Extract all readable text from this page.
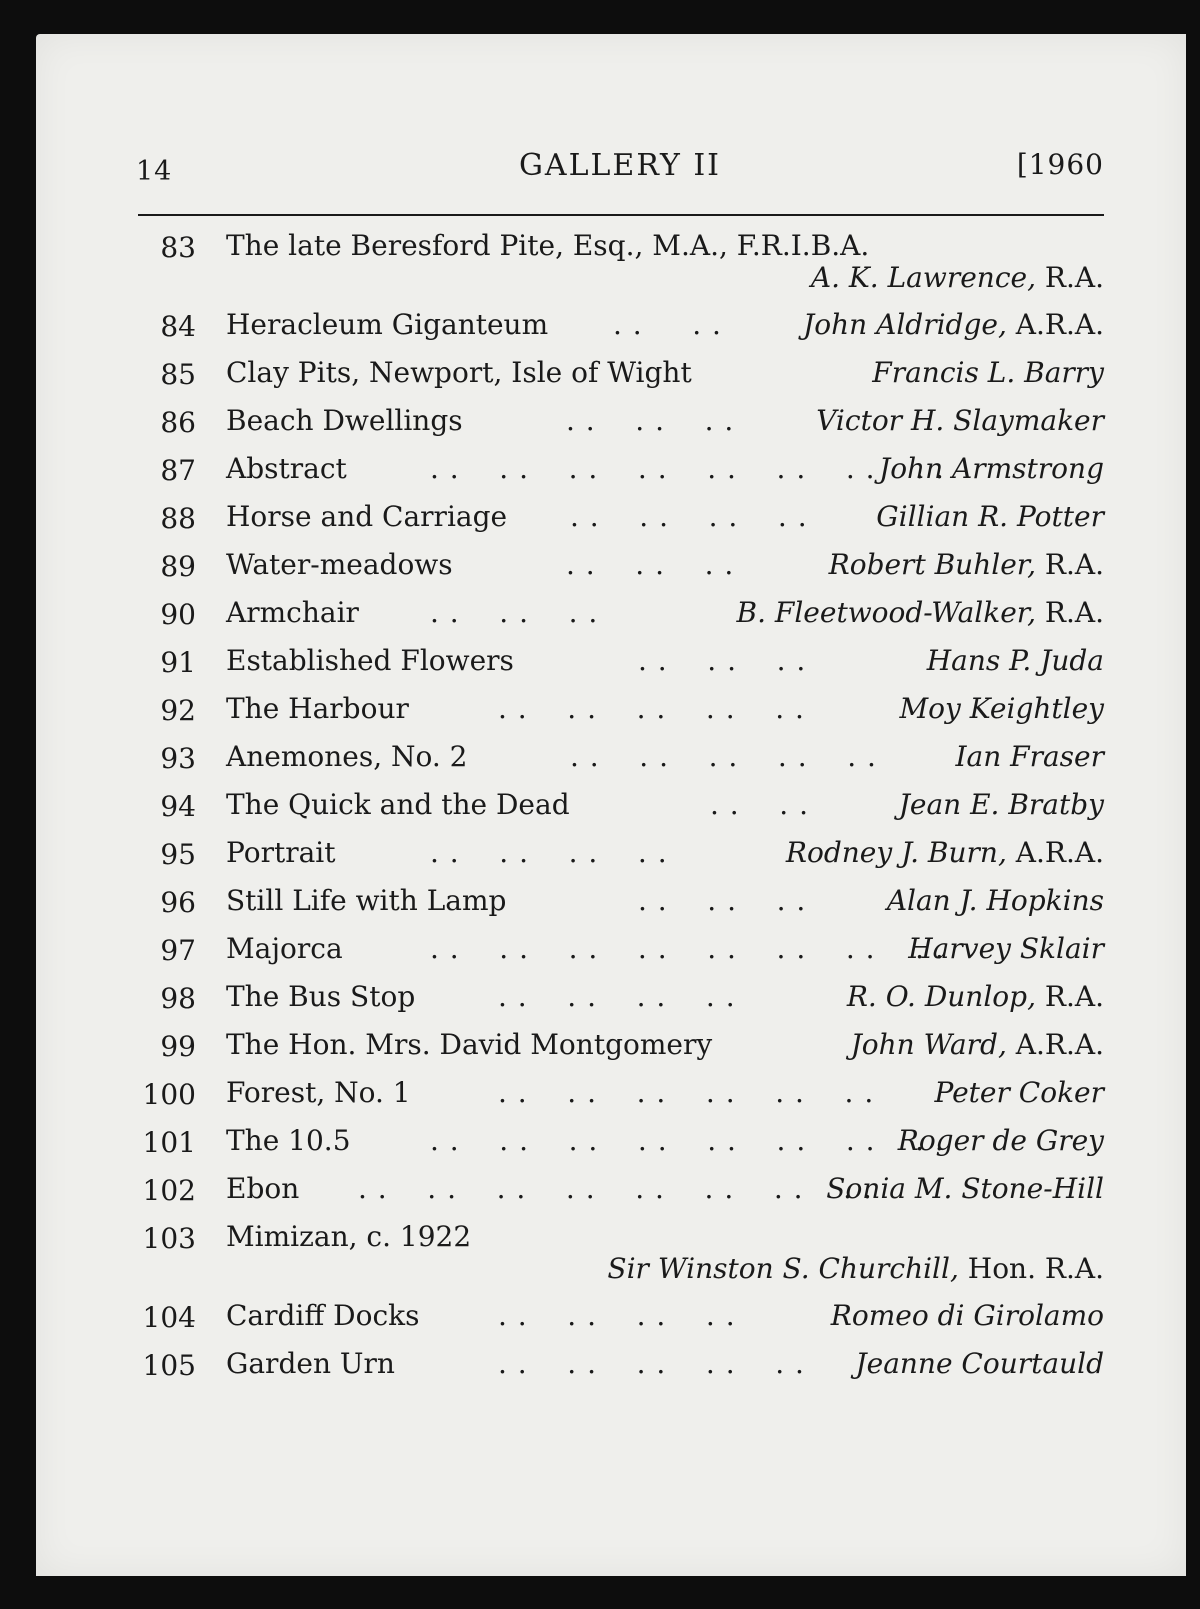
14	GALLERY II	[1960
83 The late Beresford Pite, Esq., M.A., F.R.I.B.A.
A. K. Lawrence, R.A.
84 Heracleum Giganteum . .     . .	John Aldridge, A.R.A.
85 Clay Pits, Newport, Isle of Wight	Francis L. Barry
86 Beach Dwellings	. .    . .    . .	Victor H. Slaymaker
87 Abstract	. .    . .    . .    . .    . .    . .    . .    . .
John Armstrong
88 Horse and Carriage . .    . .    . .    . . Gillian R. Potter
89 Water-meadows	. .    . .    . .	Robert Buhler, R.A.
90 Armchair	. .    . .    . .	B. Fleetwood-Walker, R.A.
91 Established Flowers	. .    . .    . .	Hans P. Juda
92 The Harbour	. .    . .    . .    . .    . .	Moy Keightley
93 Anemones, No. 2	. .    . .    . .    . .    . .	Ian Fraser
94 The Quick and the Dead	. .    . .	Jean E. Bratby
95 Portrait	. .    . .    . .    . .	Rodney J. Burn, A.R.A.
96 Still Life with Lamp	. .    . .    . .	Alan J. Hopkins
97 Majorca	. .    . .    . .    . .    . .    . .    . .    . .
Harvey Sklair
98 The Bus Stop	. .    . .    . .    . .	R. O. Dunlop, R.A.
99 The Hon. Mrs. David Montgomery	John Ward, A.R.A.
100 Forest, No. 1	. .    . .    . .    . .    . .    . . Peter Coker
101 The 10.5	. .    . .    . .    . .    . .    . .    . .    . .
Roger de Grey
102 Ebon . .    . .    . .    . .    . .    . .    . .    . .
Sonia M. Stone-Hill
103 Mimizan, c. 1922
Sir Winston S. Churchill, Hon. R.A.
104 Cardiff Docks	. .    . .    . .    . .	Romeo di Girolamo
105 Garden Urn	. .    . .    . .    . .    . . Jeanne Courtauld
